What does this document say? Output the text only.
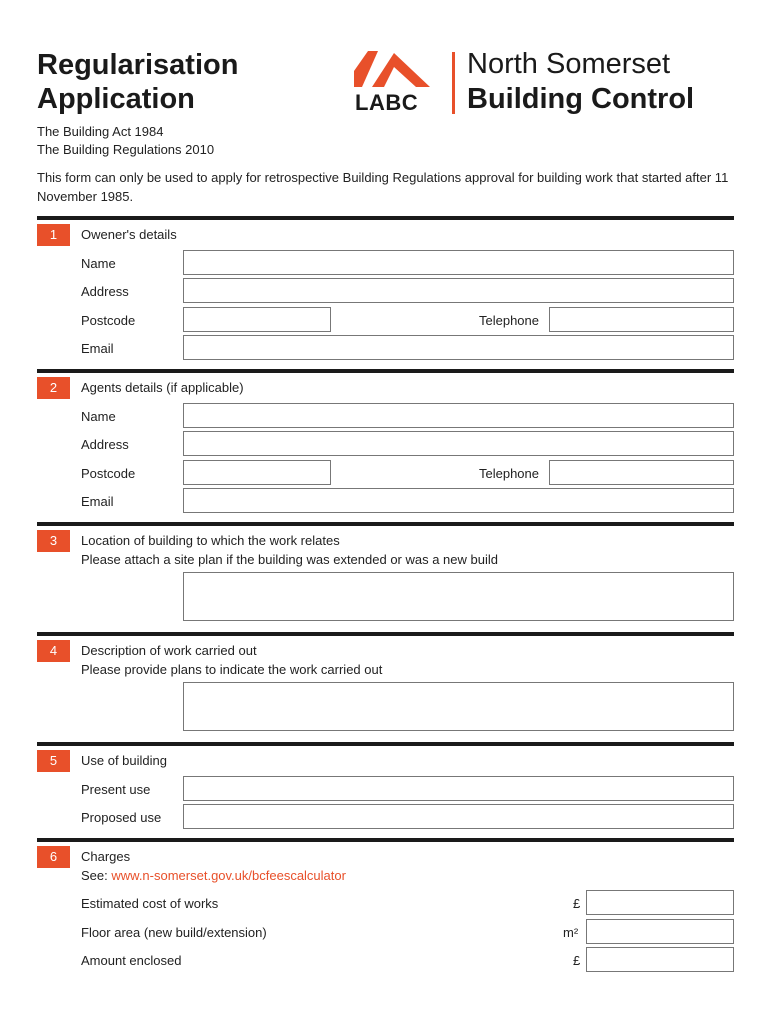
Regularisation
Application	LABC
North Somerset
Building Control
The Building Act 1984
The Building Regulations 2010
This form can only be used to apply for retrospective Building Regulations approval for building work that started after 11 November 1985.
1	Owener's details
Name
Address
Postcode	Telephone
Email
2	Agents details (if applicable)
Name
Address
Postcode	Telephone
Email
3	Location of building to which the work relates
Please attach a site plan if the building was extended or was a new build
4	Description of work carried out
Please provide plans to indicate the work carried out
5	Use of building
Present use
Proposed use
6	Charges
See: www.n-somerset.gov.uk/bcfeescalculator
Estimated cost of works	£
Floor area (new build/extension)	m²
Amount enclosed	£
